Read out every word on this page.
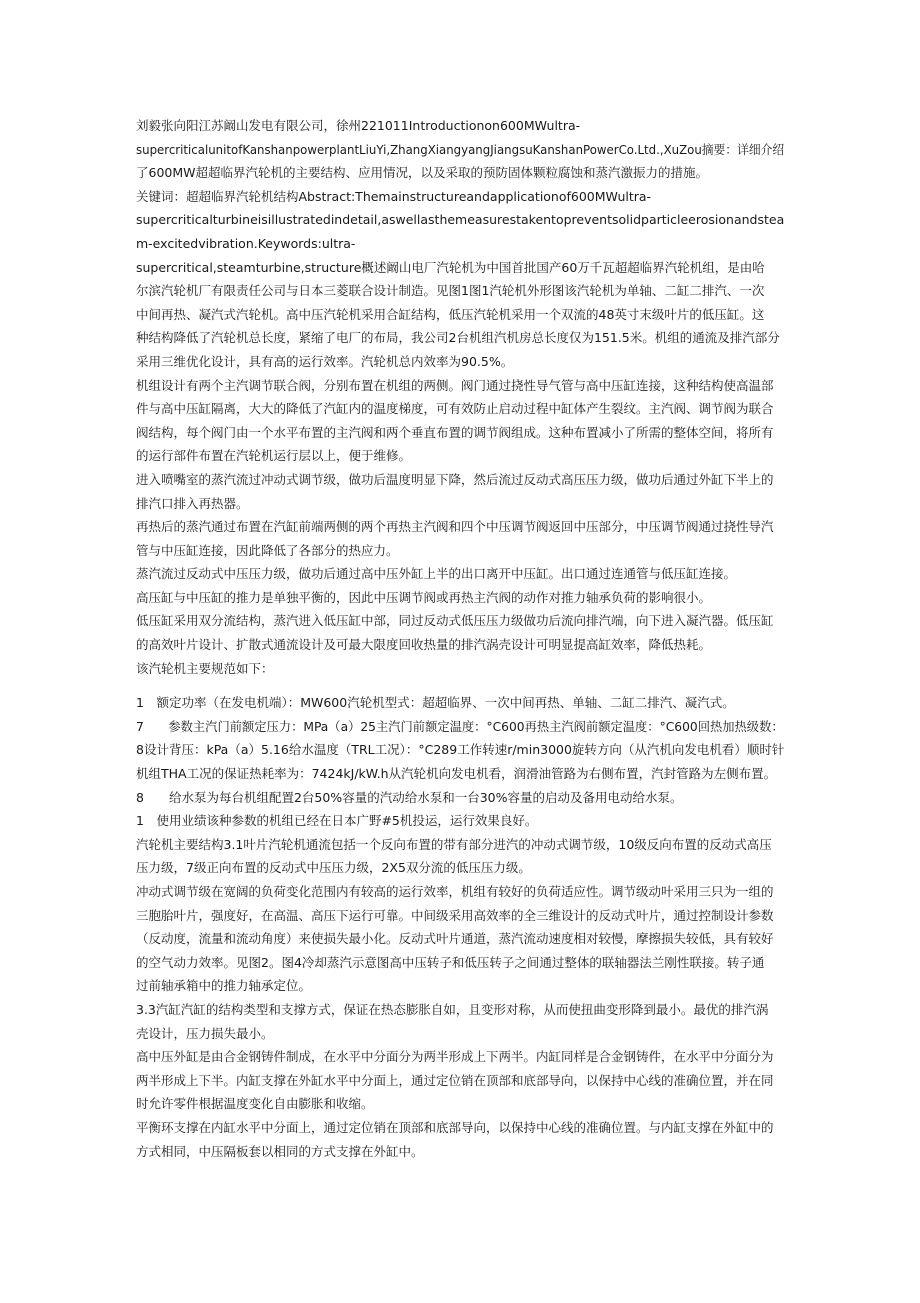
刘毅张向阳江苏阚山发电有限公司，徐州221011Introductionon600MWultra-
supercriticalunitofKanshanpowerplantLiuYi,ZhangXiangyangJiangsuKanshanPowerCo.Ltd.,XuZou摘要：详细介绍
了600MW超超临界汽轮机的主要结构、应用情况，以及采取的预防固体颗粒腐蚀和蒸汽激振力的措施。
关键词：超超临界汽轮机结构Abstract:Themainstructureandapplicationof600MWultra-
supercriticalturbineisillustratedindetail,aswellasthemeasurestakentopreventsolidparticleerosionandstea
m-excitedvibration.Keywords:ultra-
supercritical,steamturbine,structure概述阚山电厂汽轮机为中国首批国产60万千瓦超超临界汽轮机组，是由哈
尔滨汽轮机厂有限责任公司与日本三菱联合设计制造。见图1图1汽轮机外形图该汽轮机为单轴、二缸二排汽、一次
中间再热、凝汽式汽轮机。高中压汽轮机采用合缸结构，低压汽轮机采用一个双流的48英寸末级叶片的低压缸。这
种结构降低了汽轮机总长度，紧缩了电厂的布局，我公司2台机组汽机房总长度仅为151.5米。机组的通流及排汽部分
采用三维优化设计，具有高的运行效率。汽轮机总内效率为90.5%。
机组设计有两个主汽调节联合阀，分别布置在机组的两侧。阀门通过挠性导气管与高中压缸连接，这种结构使高温部
件与高中压缸隔离，大大的降低了汽缸内的温度梯度，可有效防止启动过程中缸体产生裂纹。主汽阀、调节阀为联合
阀结构，每个阀门由一个水平布置的主汽阀和两个垂直布置的调节阀组成。这种布置减小了所需的整体空间，将所有
的运行部件布置在汽轮机运行层以上，便于维修。
进入喷嘴室的蒸汽流过冲动式调节级，做功后温度明显下降，然后流过反动式高压压力级，做功后通过外缸下半上的
排汽口排入再热器。
再热后的蒸汽通过布置在汽缸前端两侧的两个再热主汽阀和四个中压调节阀返回中压部分，中压调节阀通过挠性导汽
管与中压缸连接，因此降低了各部分的热应力。
蒸汽流过反动式中压压力级，做功后通过高中压外缸上半的出口离开中压缸。出口通过连通管与低压缸连接。
高压缸与中压缸的推力是单独平衡的，因此中压调节阀或再热主汽阀的动作对推力轴承负荷的影响很小。
低压缸采用双分流结构，蒸汽进入低压缸中部，同过反动式低压压力级做功后流向排汽端，向下进入凝汽器。低压缸
的高效叶片设计、扩散式通流设计及可最大限度回收热量的排汽涡壳设计可明显提高缸效率，降低热耗。
该汽轮机主要规范如下：
1　额定功率（在发电机端）：MW600汽轮机型式：超超临界、一次中间再热、单轴、二缸二排汽、凝汽式。
7　　参数主汽门前额定压力：MPa（a）25主汽门前额定温度：°C600再热主汽阀前额定温度：°C600回热加热级数：
8设计背压：kPa（a）5.16给水温度（TRL工况）：°C289工作转速r/min3000旋转方向（从汽机向发电机看）顺时针
机组THA工况的保证热耗率为：7424kJ/kW.h从汽轮机向发电机看，润滑油管路为右侧布置，汽封管路为左侧布置。
8　　给水泵为每台机组配置2台50%容量的汽动给水泵和一台30%容量的启动及备用电动给水泵。
1　使用业绩该种参数的机组已经在日本广野#5机投运，运行效果良好。
汽轮机主要结构3.1叶片汽轮机通流包括一个反向布置的带有部分进汽的冲动式调节级，10级反向布置的反动式高压
压力级，7级正向布置的反动式中压压力级，2X5双分流的低压压力级。
冲动式调节级在宽阔的负荷变化范围内有较高的运行效率，机组有较好的负荷适应性。调节级动叶采用三只为一组的
三胞胎叶片，强度好，在高温、高压下运行可靠。中间级采用高效率的全三维设计的反动式叶片，通过控制设计参数
（反动度，流量和流动角度）来使损失最小化。反动式叶片通道，蒸汽流动速度相对较慢，摩擦损失较低，具有较好
的空气动力效率。见图2。图4冷却蒸汽示意图高中压转子和低压转子之间通过整体的联轴器法兰刚性联接。转子通
过前轴承箱中的推力轴承定位。
3.3汽缸汽缸的结构类型和支撑方式，保证在热态膨胀自如，且变形对称，从而使扭曲变形降到最小。最优的排汽涡
壳设计，压力损失最小。
高中压外缸是由合金钢铸件制成，在水平中分面分为两半形成上下两半。内缸同样是合金钢铸件，在水平中分面分为
两半形成上下半。内缸支撑在外缸水平中分面上，通过定位销在顶部和底部导向，以保持中心线的准确位置，并在同
时允许零件根据温度变化自由膨胀和收缩。
平衡环支撑在内缸水平中分面上，通过定位销在顶部和底部导向，以保持中心线的准确位置。与内缸支撑在外缸中的
方式相同，中压隔板套以相同的方式支撑在外缸中。
